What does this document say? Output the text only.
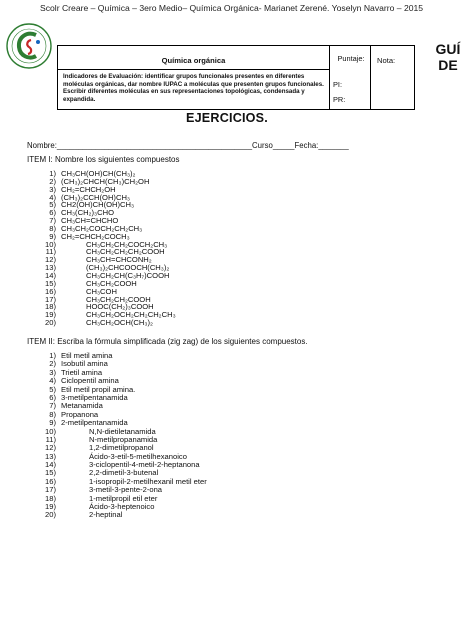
Scolr Creare – Química – 3ero Medio– Química Orgánica- Marianet Zerené. Yoselyn Navarro – 2015
GUÍ DE
Química orgánica
Indicadores de Evaluación: identificar grupos funcionales presentes en diferentes moléculas orgánicas, dar nombre IUPAC a moléculas que presenten grupos funcionales. Escribir diferentes moléculas en sus representaciones topológicas, condensada y expandida.
Puntaje:
PI:
PR:
Nota:
EJERCICIOS.
Nombre:_____________________________________________Curso_____Fecha:_______
ITEM I: Nombre los siguientes compuestos
1) CH₃CH(OH)CH(CH₃)₂
2) (CH₃)₂CHCH(CH₃)CH₂OH
3) CH₂=CHCH₂OH
4) (CH₃)₂CCH(OH)CH₃
5) CH2(OH)CH(OH)CH₃
6) CH₃(CH₂)₃CHO
7) CH₃CH=CHCHO
8) CH₃CH₂COCH₂CH₂CH₃
9) CH₂=CHCH₂COCH₃
10)	CH₃CH₂CH₂COCH₂CH₃
11)	CH₃CH₂CH₂CH₂COOH
12)	CH₃CH=CHCONH₂
13)	(CH₃)₂CHCOOCH(CH₃)₂
14)	CH₃CH₂CH(C₃H₇)COOH
15)	CH₃CH₂COOH
16)	CH₃COH
17)	CH₃CH₂CH₂COOH
18)	HOOC(CH₂)₃COOH
19)	CH₃CH₂OCH₂CH₂CH₂CH₃
20)	CH₃CH₂OCH(CH₃)₂
ITEM II: Escriba la fórmula simplificada (zig zag) de los siguientes compuestos.
1) Etil metil amina
2) Isobutil amina
3) Trietil amina
4) Ciclopentil amina
5) Etil metil propil amina.
6) 3-metilpentanamida
7) Metanamida
8) Propanona
9) 2-metilpentanamida
10)	N,N-dietiletanamida
11)	N-metilpropanamida
12)	1,2-dimetilpropanol
13)	Ácido-3-etil-5-metilhexanoico
14)	3-ciclopentil-4-metil-2-heptanona
15)	2,2-dimetil-3-butenal
16)	1-isopropil-2-metilhexanil metil eter
17)	3-metil-3-pente-2-ona
18)	1-metilpropil etil eter
19)	Ácido-3-heptenoico
20)	2-heptinal
